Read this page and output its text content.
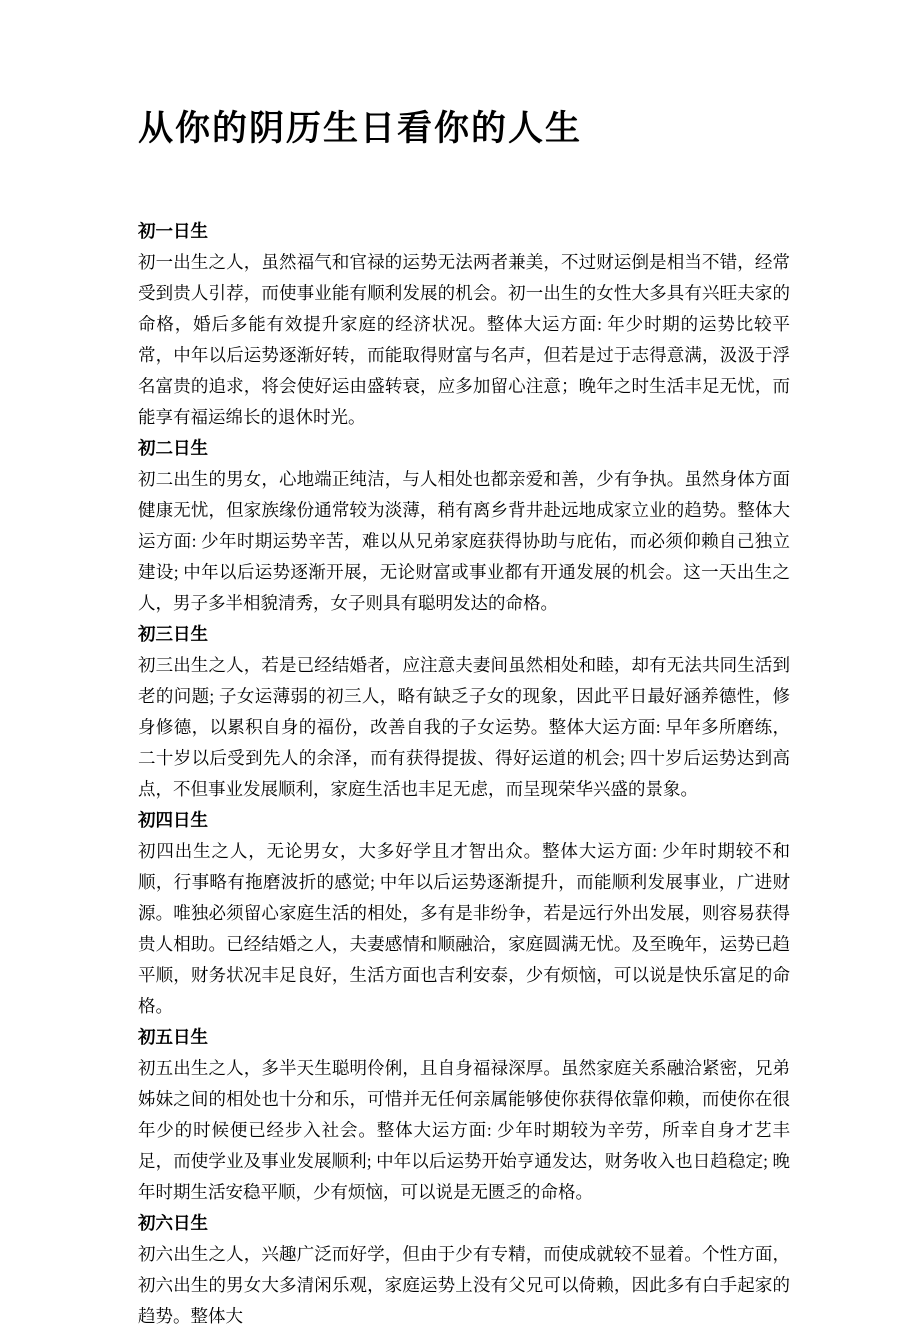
从你的阴历生日看你的人生

初一日生

初一出生之人，虽然福气和官禄的运势无法两者兼美，不过财运倒是相当不错，经常受到贵人引荐，而使事业能有顺利发展的机会。初一出生的女性大多具有兴旺夫家的命格，婚后多能有效提升家庭的经济状况。整体大运方面: 年少时期的运势比较平常，中年以后运势逐渐好转，而能取得财富与名声，但若是过于志得意满，汲汲于浮名富贵的追求，将会使好运由盛转衰，应多加留心注意；晚年之时生活丰足无忧，而能享有福运绵长的退休时光。

初二日生

初二出生的男女，心地端正纯洁，与人相处也都亲爱和善，少有争执。虽然身体方面健康无忧，但家族缘份通常较为淡薄，稍有离乡背井赴远地成家立业的趋势。整体大运方面: 少年时期运势辛苦，难以从兄弟家庭获得协助与庇佑，而必须仰赖自己独立建设; 中年以后运势逐渐开展，无论财富或事业都有开通发展的机会。这一天出生之人，男子多半相貌清秀，女子则具有聪明发达的命格。

初三日生

初三出生之人，若是已经结婚者，应注意夫妻间虽然相处和睦，却有无法共同生活到老的问题; 子女运薄弱的初三人，略有缺乏子女的现象，因此平日最好涵养德性，修身修德，以累积自身的福份，改善自我的子女运势。整体大运方面: 早年多所磨练，二十岁以后受到先人的余泽，而有获得提拔、得好运道的机会; 四十岁后运势达到高点，不但事业发展顺利，家庭生活也丰足无虑，而呈现荣华兴盛的景象。

初四日生

初四出生之人，无论男女，大多好学且才智出众。整体大运方面: 少年时期较不和顺，行事略有拖磨波折的感觉; 中年以后运势逐渐提升，而能顺利发展事业，广进财源。唯独必须留心家庭生活的相处，多有是非纷争，若是远行外出发展，则容易获得贵人相助。已经结婚之人，夫妻感情和顺融洽，家庭圆满无忧。及至晚年，运势已趋平顺，财务状况丰足良好，生活方面也吉利安泰，少有烦恼，可以说是快乐富足的命格。

初五日生

初五出生之人，多半天生聪明伶俐，且自身福禄深厚。虽然家庭关系融洽紧密，兄弟姊妹之间的相处也十分和乐，可惜并无任何亲属能够使你获得依靠仰赖，而使你在很年少的时候便已经步入社会。整体大运方面: 少年时期较为辛劳，所幸自身才艺丰足，而使学业及事业发展顺利; 中年以后运势开始亨通发达，财务收入也日趋稳定; 晚年时期生活安稳平顺，少有烦恼，可以说是无匮乏的命格。

初六日生

初六出生之人，兴趣广泛而好学，但由于少有专精，而使成就较不显着。个性方面，初六出生的男女大多清闲乐观，家庭运势上没有父兄可以倚赖，因此多有白手起家的趋势。整体大
